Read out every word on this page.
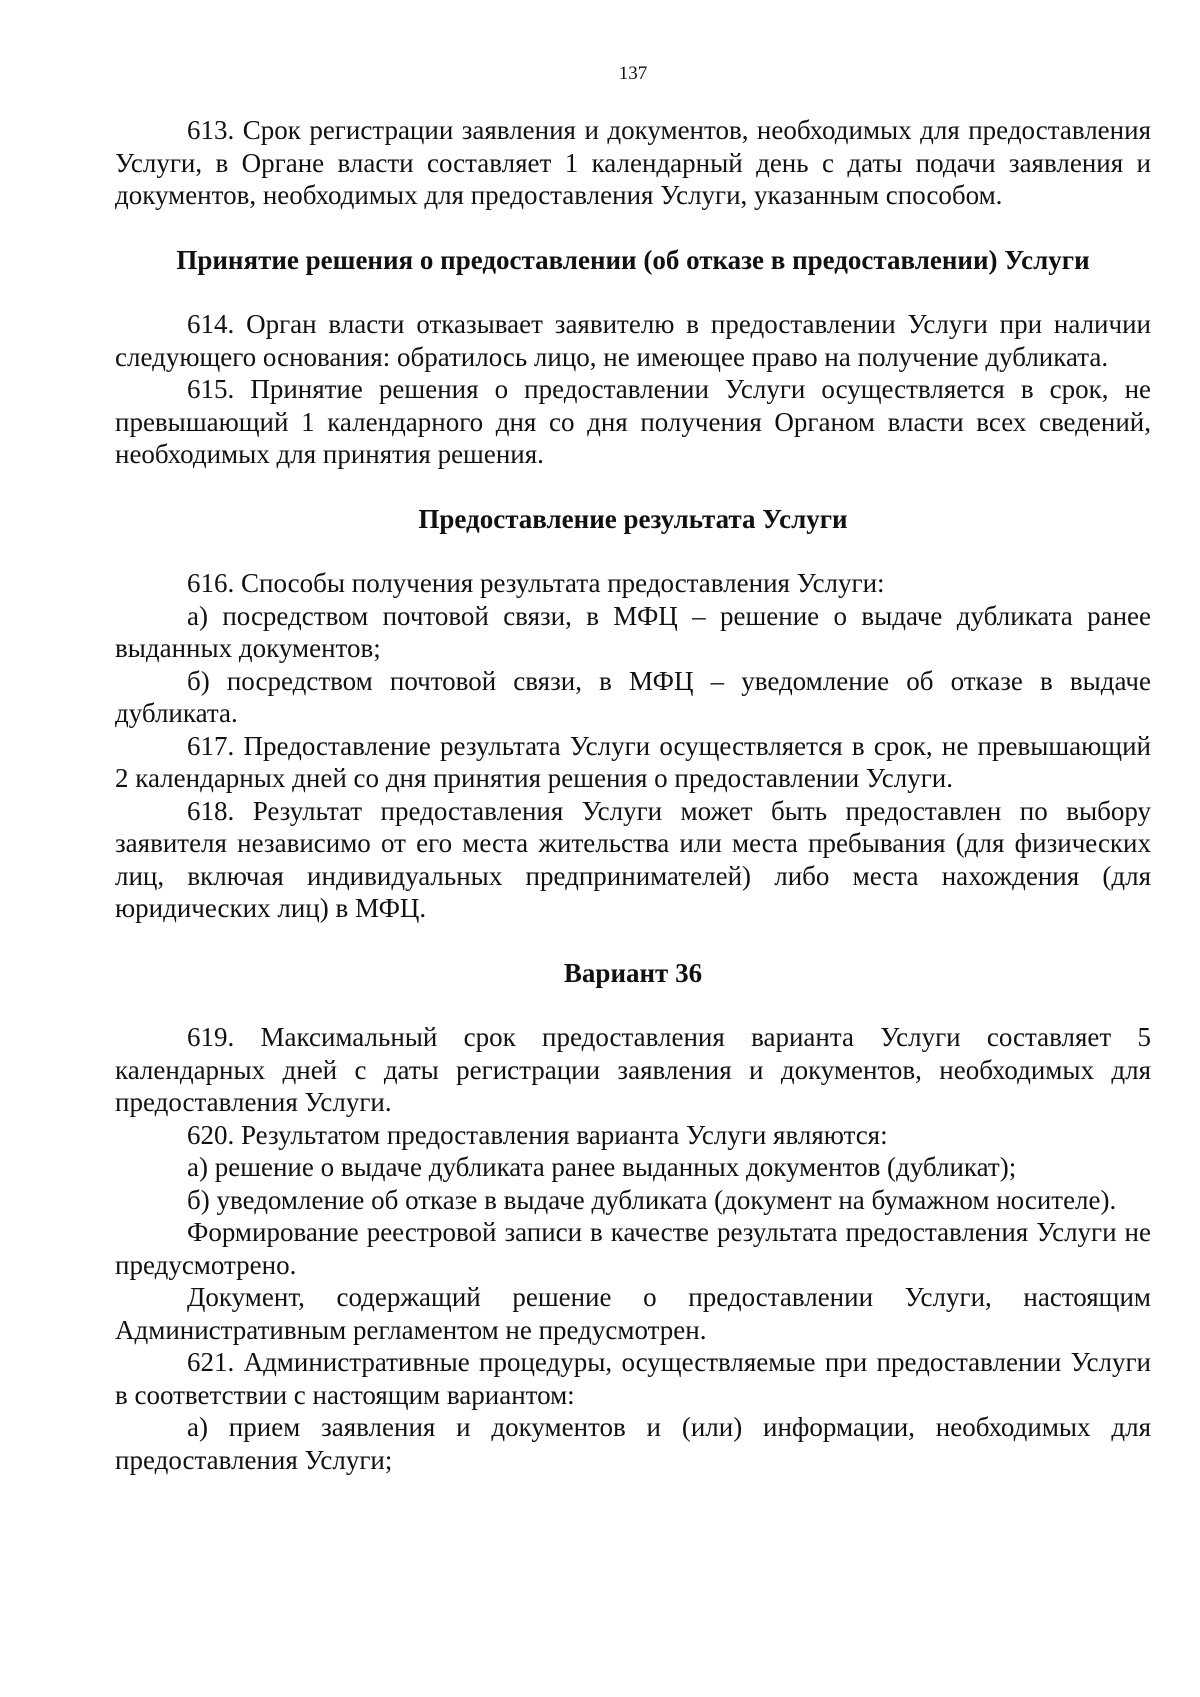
137

613. Срок регистрации заявления и документов, необходимых для предоставления Услуги, в Органе власти составляет 1 календарный день с даты подачи заявления и документов, необходимых для предоставления Услуги, указанным способом.

Принятие решения о предоставлении (об отказе в предоставлении) Услуги

614. Орган власти отказывает заявителю в предоставлении Услуги при наличии следующего основания: обратилось лицо, не имеющее право на получение дубликата.

615. Принятие решения о предоставлении Услуги осуществляется в срок, не превышающий 1 календарного дня со дня получения Органом власти всех сведений, необходимых для принятия решения.

Предоставление результата Услуги

616. Способы получения результата предоставления Услуги:

а) посредством почтовой связи, в МФЦ – решение о выдаче дубликата ранее выданных документов;

б) посредством почтовой связи, в МФЦ – уведомление об отказе в выдаче дубликата.

617. Предоставление результата Услуги осуществляется в срок, не превышающий 2 календарных дней со дня принятия решения о предоставлении Услуги.

618. Результат предоставления Услуги может быть предоставлен по выбору заявителя независимо от его места жительства или места пребывания (для физических лиц, включая индивидуальных предпринимателей) либо места нахождения (для юридических лиц) в МФЦ.

Вариант 36

619. Максимальный срок предоставления варианта Услуги составляет 5 календарных дней с даты регистрации заявления и документов, необходимых для предоставления Услуги.

620. Результатом предоставления варианта Услуги являются:

а) решение о выдаче дубликата ранее выданных документов (дубликат);

б) уведомление об отказе в выдаче дубликата (документ на бумажном носителе).

Формирование реестровой записи в качестве результата предоставления Услуги не предусмотрено.

Документ, содержащий решение о предоставлении Услуги, настоящим Административным регламентом не предусмотрен.

621. Административные процедуры, осуществляемые при предоставлении Услуги в соответствии с настоящим вариантом:

а) прием заявления и документов и (или) информации, необходимых для предоставления Услуги;
